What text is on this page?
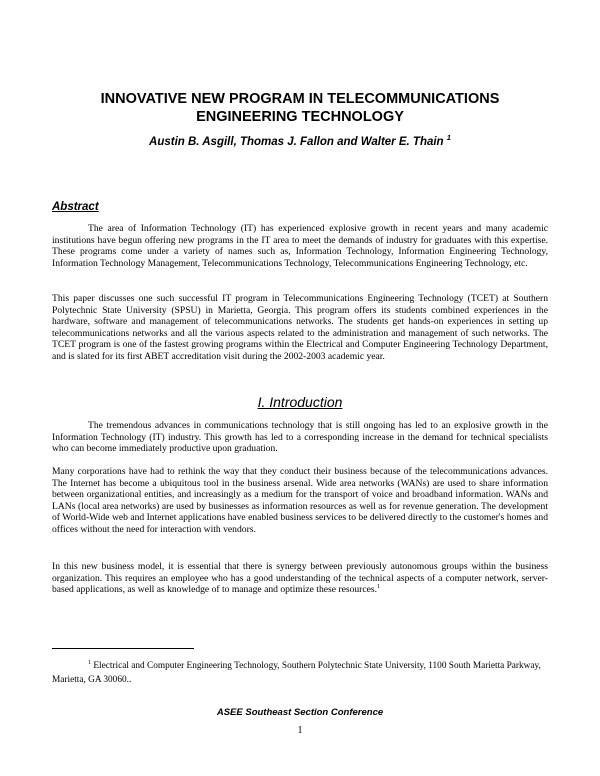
INNOVATIVE NEW PROGRAM IN TELECOMMUNICATIONS
ENGINEERING TECHNOLOGY
Austin B. Asgill, Thomas J. Fallon and Walter E. Thain $^1$
Abstract

The area of Information Technology (IT) has experienced explosive growth in recent years and many academic institutions have begun offering new programs in the IT area to meet the demands of industry for graduates with this expertise. These programs come under a variety of names such as, Information Technology, Information Engineering Technology, Information Technology Management, Telecommunications Technology, Telecommunications Engineering Technology, etc.

This paper discusses one such successful IT program in Telecommunications Engineering Technology (TCET) at Southern Polytechnic State University (SPSU) in Marietta, Georgia. This program offers its students combined experiences in the hardware, software and management of telecommunications networks. The students get hands-on experiences in setting up telecommunications networks and all the various aspects related to the administration and management of such networks. The TCET program is one of the fastest growing programs within the Electrical and Computer Engineering Technology Department, and is slated for its first ABET accreditation visit during the 2002-2003 academic year.

I. Introduction

The tremendous advances in communications technology that is still ongoing has led to an explosive growth in the Information Technology (IT) industry. This growth has led to a corresponding increase in the demand for technical specialists who can become immediately productive upon graduation.

Many corporations have had to rethink the way that they conduct their business because of the telecommunications advances. The Internet has become a ubiquitous tool in the business arsenal. Wide area networks (WANs) are used to share information between organizational entities, and increasingly as a medium for the transport of voice and broadband information. WANs and LANs (local area networks) are used by businesses as information resources as well as for revenue generation. The development of World-Wide web and Internet applications have enabled business services to be delivered directly to the customer's homes and offices without the need for interaction with vendors.

In this new business model, it is essential that there is synergy between previously autonomous groups within the business organization. This requires an employee who has a good understanding of the technical aspects of a computer network, server-based applications, as well as knowledge of to manage and optimize these resources.$^1$

$^1$ Electrical and Computer Engineering Technology, Southern Polytechnic State University, 1100 South Marietta Parkway, Marietta, GA 30060..

ASEE Southeast Section Conference
1
